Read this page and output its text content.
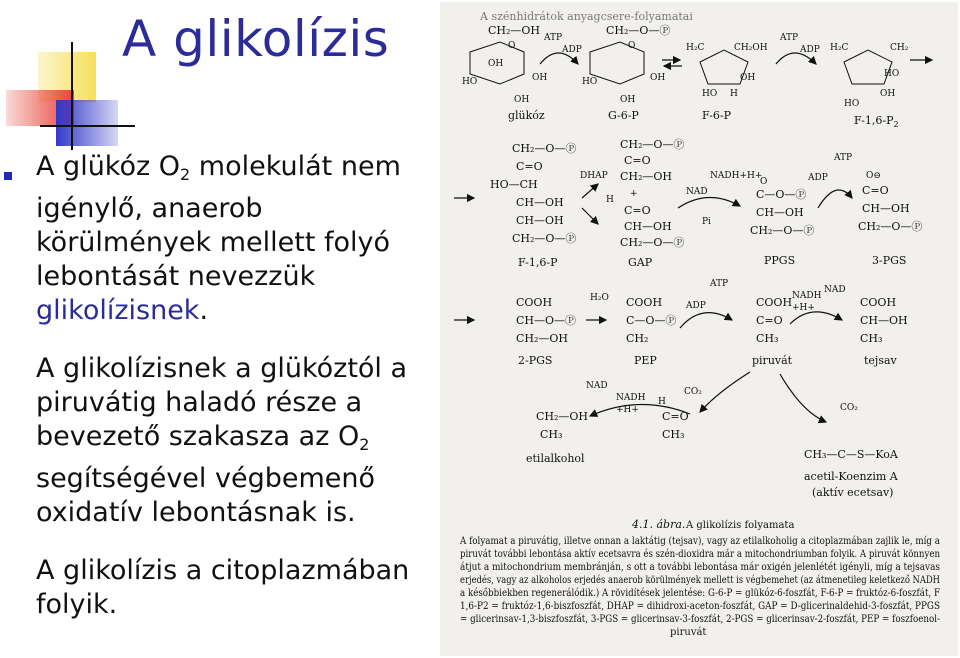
A glikolízis

A glükóz $O_2$ molekulát nem igénylő, anaerob körülmények mellett folyó lebontását nevezzük glikolízisnek.

A glikolízisnek a glükóztól a piruvátig haladó része a bevezető szakasza az $O_2$ segítségével végbemenő oxidatív lebontásnak is.

A glikolízis a citoplazmában folyik.

A szénhidrátok anyagcsere-folyamatai
CH₂—OH
O
OH
HO	OH
OH
glükóz
ATP
ADP
CH₂—O—Ⓟ
O
HO	OH
OH
G-6-P
H₂C	CH₂OH
HO H
OH
F-6-P
ATP
ADP H₂C	CH₂
HO
OH
HO
$F-1,6-P_2$
CH₂—O—Ⓟ
C=O
HO—CH
CH—OH
CH—OH
CH₂—O—Ⓟ
F-1,6-P
DHAP
CH₂—O—Ⓟ
C=O
CH₂—OH
+
H
C=O
CH—OH
CH₂—O—Ⓟ
GAP
NADH+H+
NAD
Pi
O
C—O—Ⓟ
CH—OH
CH₂—O—Ⓟ
PPGS
ADP
ATP
O⊖
C=O
CH—OH
CH₂—O—Ⓟ
3-PGS
COOH
CH—O—Ⓟ
CH₂—OH
2-PGS
H₂O COOH
C—O—Ⓟ
CH₂
PEP
ADP
ATP
COOH
C=O
CH₃
piruvát
NADH
+H+
NAD
COOH
CH—OH
CH₃
tejsav
NAD
NADH
+H+
CO₂
CH₂—OH
CH₃
etilalkohol
H
C=O
CH₃
CO₂
CH₃—C—S—KoA
acetil-Koenzim A
(aktív ecetsav)
4.1. ábra. A glikolízis folyamata
A folyamat a piruvátig, illetve onnan a laktátig (tejsav), vagy az etilalkoholig a citoplazmában zajlik le, míg a
piruvát további lebontása aktív ecetsavra és szén-dioxidra már a mitochondriumban folyik. A piruvát könnyen
átjut a mitochondrium membránján, s ott a további lebontása már oxigén jelenlétét igényli, míg a tejsavas
erjedés, vagy az alkoholos erjedés anaerob körülmények mellett is végbemehet (az átmenetileg keletkező NADH
a későbbiekben regenerálódik.) A rövidítések jelentése: G-6-P = glükóz-6-foszfát, F-6-P = fruktóz-6-foszfát, F
1,6-P2 = fruktóz-1,6-biszfoszfát, DHAP = dihidroxi-aceton-foszfát, GAP = D-glicerinaldehid-3-foszfát, PPGS
= glicerinsav-1,3-biszfoszfát, 3-PGS = glicerinsav-3-foszfát, 2-PGS = glicerinsav-2-foszfát, PEP = foszfoenol-
piruvát
